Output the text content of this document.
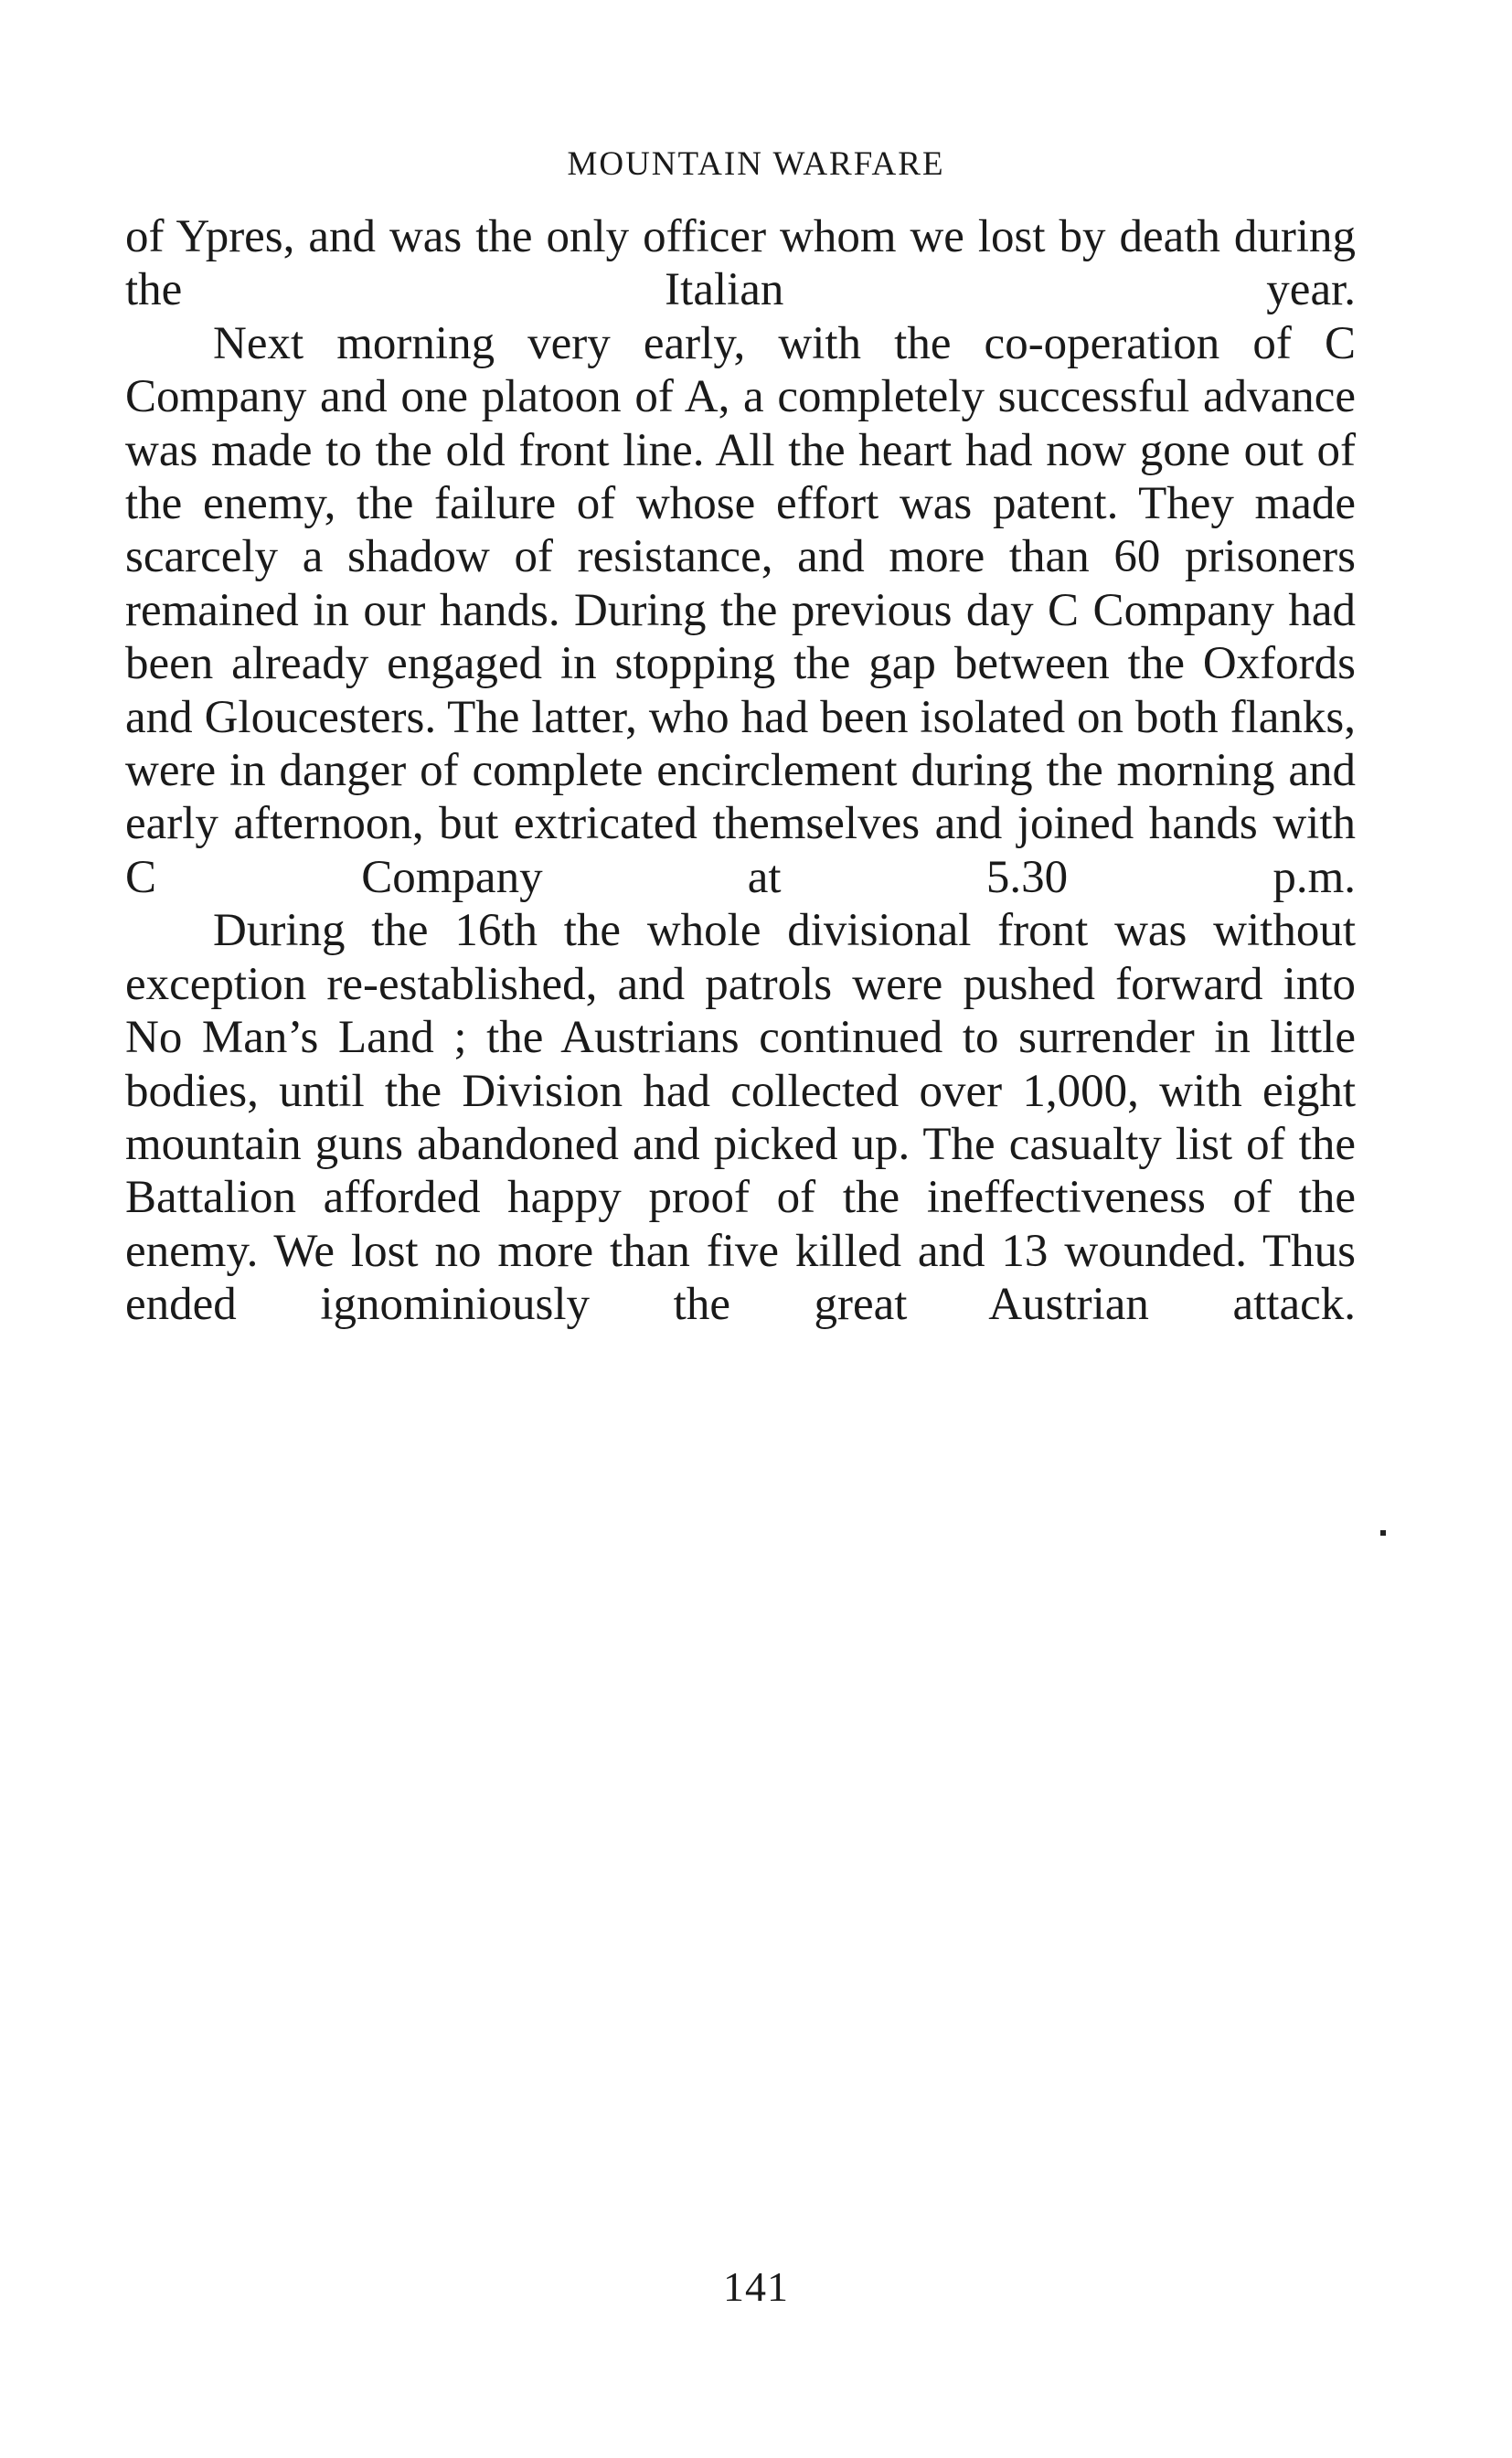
MOUNTAIN WARFARE

of Ypres, and was the only officer whom we lost by death during the Italian year.

Next morning very early, with the co-operation of C Company and one platoon of A, a completely successful advance was made to the old front line. All the heart had now gone out of the enemy, the failure of whose effort was patent. They made scarcely a shadow of resistance, and more than 60 prisoners remained in our hands. During the previous day C Company had been already engaged in stopping the gap between the Oxfords and Gloucesters. The latter, who had been isolated on both flanks, were in danger of complete encirclement during the morning and early afternoon, but extricated themselves and joined hands with C Company at 5.30 p.m.

During the 16th the whole divisional front was without exception re-established, and patrols were pushed forward into No Man’s Land ; the Austrians continued to surrender in little bodies, until the Division had collected over 1,000, with eight mountain guns abandoned and picked up. The casualty list of the Battalion afforded happy proof of the ineffectiveness of the enemy. We lost no more than five killed and 13 wounded. Thus ended ignominiously the great Austrian attack.

141
